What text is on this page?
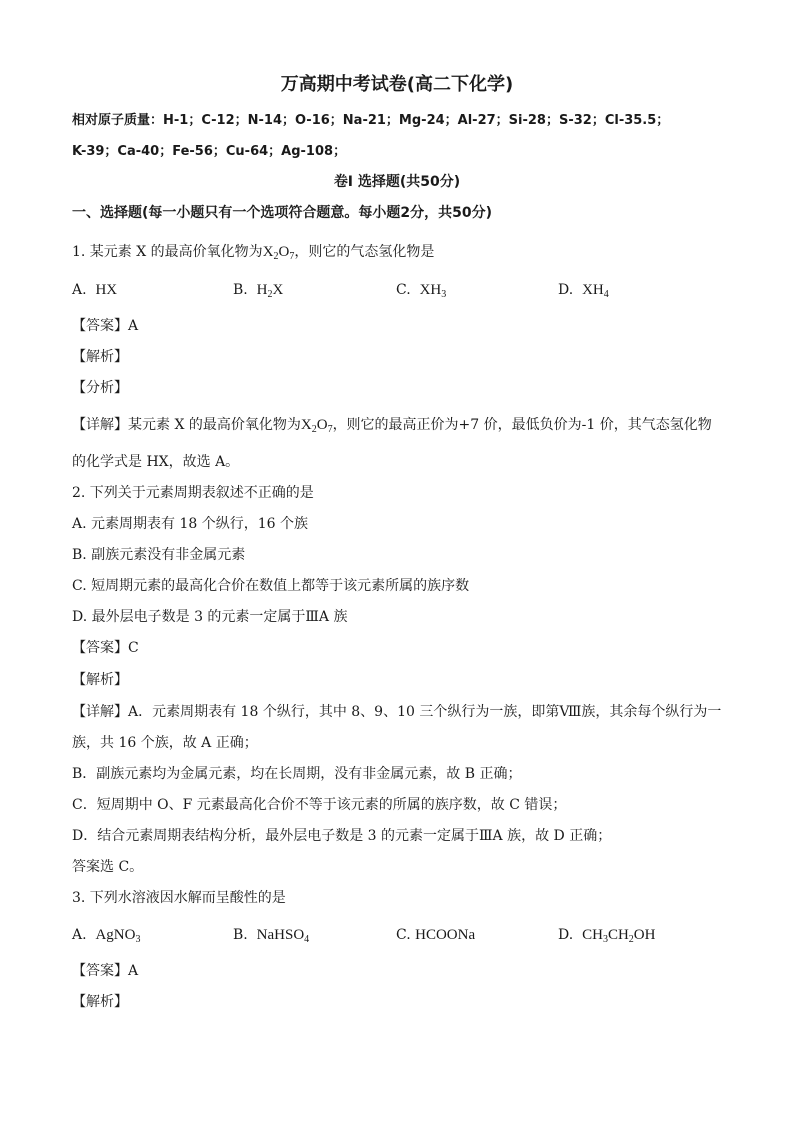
万高期中考试卷(高二下化学)
相对原子质量：H-1；C-12；N-14；O-16；Na-21；Mg-24；Al-27；Si-28；S-32；Cl-35.5；
K-39；Ca-40；Fe-56；Cu-64；Ag-108；
卷Ⅰ 选择题(共50分)
一、选择题(每一小题只有一个选项符合题意。每小题2分，共50分)
1. 某元素 X 的最高价氧化物为$X_2O_7$，则它的气态氢化物是
A. HX	B. $H_2X$	C. $XH_3$	D. $XH_4$
【答案】A
【解析】
【分析】
【详解】某元素 X 的最高价氧化物为$X_2O_7$，则它的最高正价为+7 价，最低负价为-1 价，其气态氢化物
的化学式是 HX，故选 A。
2. 下列关于元素周期表叙述不正确的是
A. 元素周期表有 18 个纵行，16 个族
B. 副族元素没有非金属元素
C. 短周期元素的最高化合价在数值上都等于该元素所属的族序数
D. 最外层电子数是 3 的元素一定属于ⅢA 族
【答案】C
【解析】
【详解】A．元素周期表有 18 个纵行，其中 8、9、10 三个纵行为一族，即第Ⅷ族，其余每个纵行为一
族，共 16 个族，故 A 正确；
B．副族元素均为金属元素，均在长周期，没有非金属元素，故 B 正确；
C．短周期中 O、F 元素最高化合价不等于该元素的所属的族序数，故 C 错误；
D．结合元素周期表结构分析，最外层电子数是 3 的元素一定属于ⅢA 族，故 D 正确；
答案选 C。
3. 下列水溶液因水解而呈酸性的是
A. AgNO$_3$	B. NaHSO$_4$	C. HCOONa	D. $CH_3CH_2OH$
【答案】A
【解析】
